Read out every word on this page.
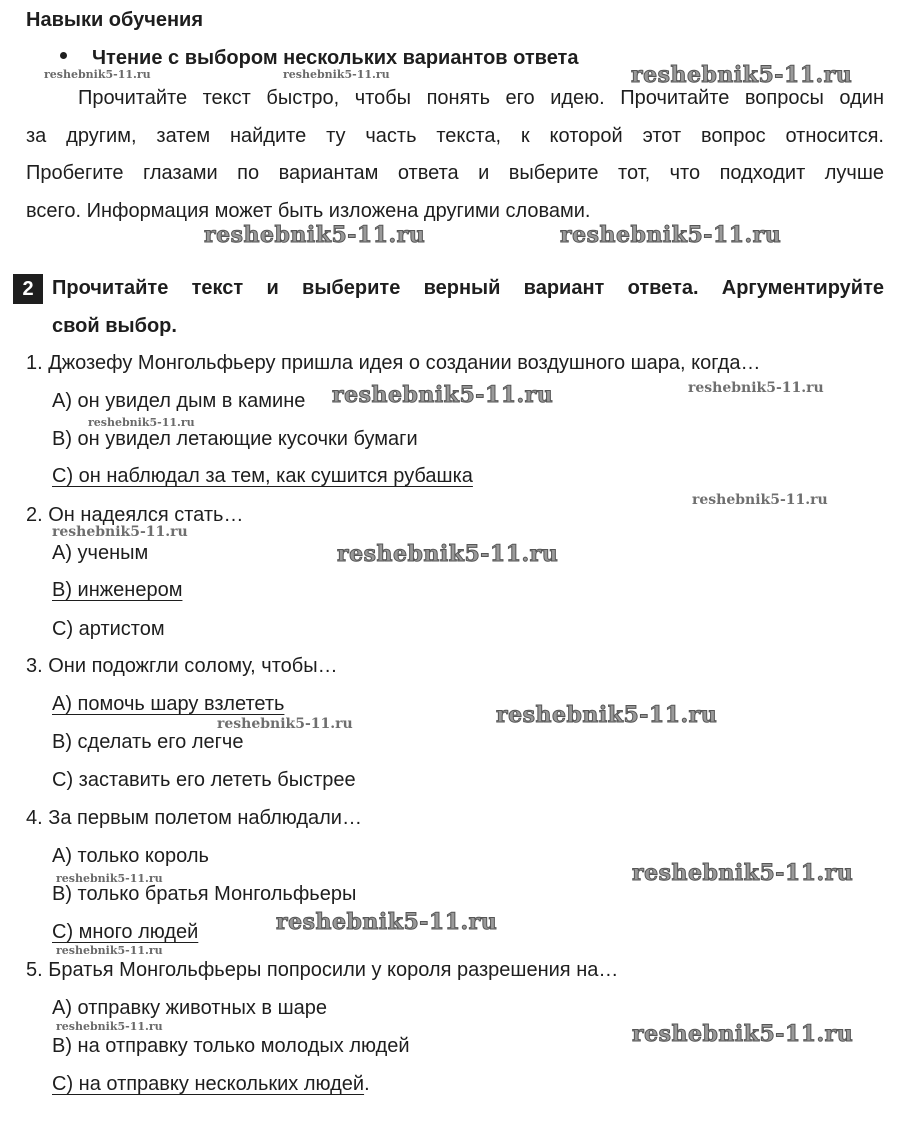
Навыки обучения
Чтение с выбором нескольких вариантов ответа
Прочитайте текст быстро, чтобы понять его идею. Прочитайте вопросы один
за другим, затем найдите ту часть текста, к которой этот вопрос относится.
Пробегите глазами по вариантам ответа и выберите тот, что подходит лучше
всего. Информация может быть изложена другими словами.
2 Прочитайте текст и выберите верный вариант ответа. Аргументируйте
свой выбор.
1. Джозефу Монгольфьеру пришла идея о создании воздушного шара, когда…
A) он увидел дым в камине
B) он увидел летающие кусочки бумаги
C) он наблюдал за тем, как сушится рубашка
2. Он надеялся стать…
A) ученым
B) инженером
C) артистом
3. Они подожгли солому, чтобы…
A) помочь шару взлететь
B) сделать его легче
C) заставить его лететь быстрее
4. За первым полетом наблюдали…
A) только король
B) только братья Монгольфьеры
C) много людей
5. Братья Монгольфьеры попросили у короля разрешения на…
A) отправку животных в шаре
B) на отправку только молодых людей
C) на отправку нескольких людей.
reshebnik5-11.ru	reshebnik5-11.ru	reshebnik5-11.ru
reshebnik5-11.ru	reshebnik5-11.ru
reshebnik5-11.ru	reshebnik5-11.ru
reshebnik5-11.ru
reshebnik5-11.ru
reshebnik5-11.ru
reshebnik5-11.ru
reshebnik5-11.ru
reshebnik5-11.ru
reshebnik5-11.ru	reshebnik5-11.ru
reshebnik5-11.ru
reshebnik5-11.ru
reshebnik5-11.ru	reshebnik5-11.ru
